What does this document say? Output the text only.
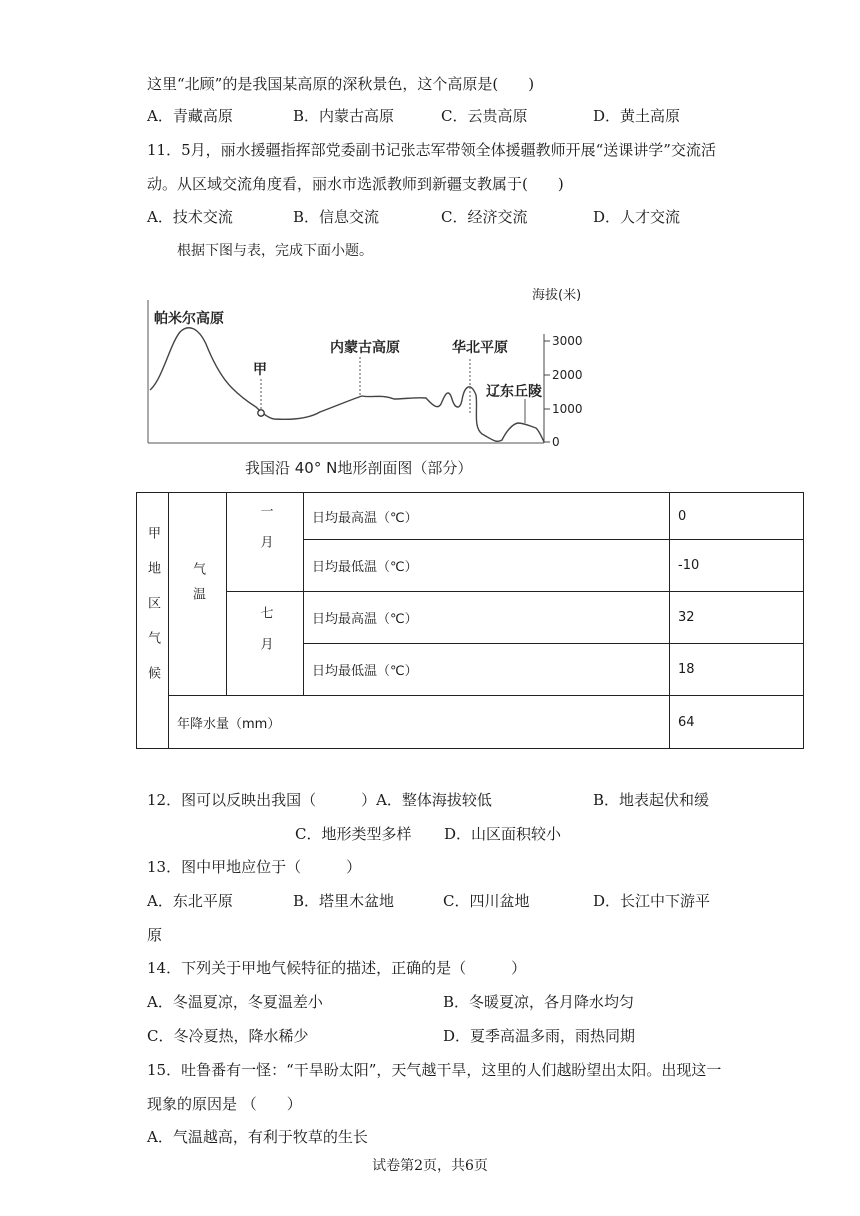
这里“北顾”的是我国某高原的深秋景色，这个高原是(　　)
A．青藏高原	B．内蒙古高原	C．云贵高原	D．黄土高原
11．5月，丽水援疆指挥部党委副书记张志军带领全体援疆教师开展“送课讲学”交流活
动。从区域交流角度看，丽水市选派教师到新疆支教属于(　　)
A．技术交流	B．信息交流	C．经济交流	D．人才交流
根据下图与表，完成下面小题。
海拔(米)
3000
2000
1000
0
帕米尔高原
甲
内蒙古高原	华北平原
辽东丘陵
我国沿 40° N地形剖面图（部分）
甲地区气候	气温	一月	日均最高温（℃）	0
			日均最低温（℃）	-10
		七月	日均最高温（℃）	32
			日均最低温（℃）	18
	年降水量（mm）			64
12．图可以反映出我国（　　　）A．整体海拔较低	B．地表起伏和缓
C．地形类型多样 D．山区面积较小
13．图中甲地应位于（　　　）
A．东北平原	B．塔里木盆地	C．四川盆地	D．长江中下游平
原
14．下列关于甲地气候特征的描述，正确的是（　　　）
A．冬温夏凉，冬夏温差小	B．冬暖夏凉，各月降水均匀
C．冬冷夏热，降水稀少	D．夏季高温多雨，雨热同期
15．吐鲁番有一怪：“干旱盼太阳”，天气越干旱，这里的人们越盼望出太阳。出现这一
现象的原因是 （　　）
A．气温越高，有利于牧草的生长
试卷第2页，共6页
